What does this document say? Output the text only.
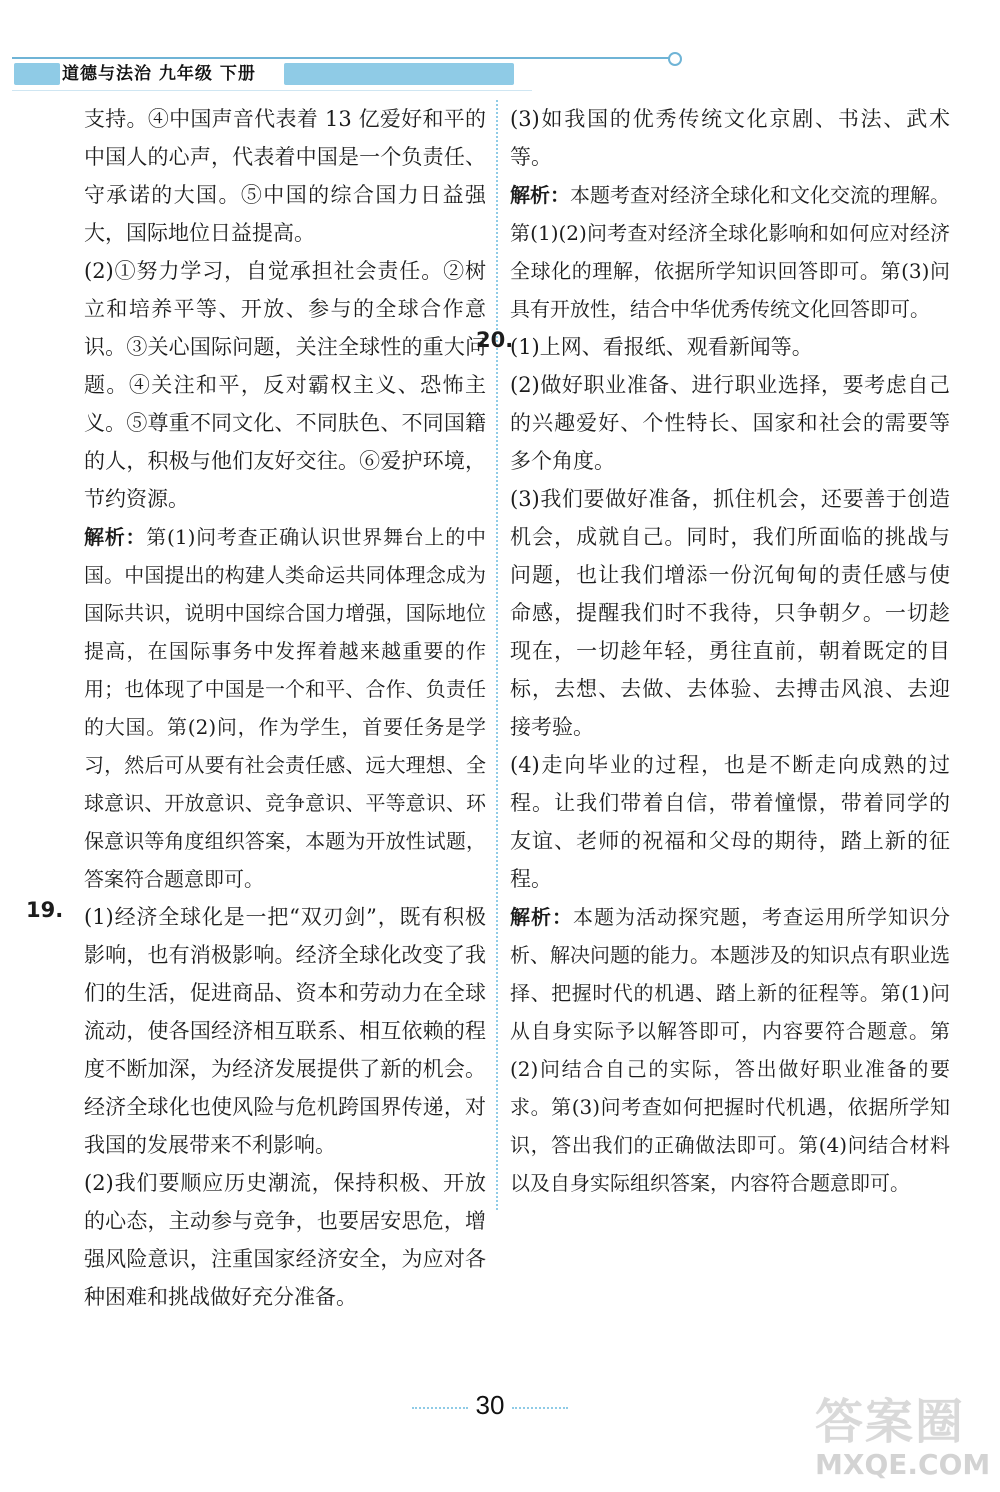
道德与法治 九年级 下册

支持。④中国声音代表着 13 亿爱好和平的中国人的心声，代表着中国是一个负责任、守承诺的大国。⑤中国的综合国力日益强大，国际地位日益提高。

(2)①努力学习，自觉承担社会责任。②树立和培养平等、开放、参与的全球合作意识。③关心国际问题，关注全球性的重大问题。④关注和平，反对霸权主义、恐怖主义。⑤尊重不同文化、不同肤色、不同国籍的人，积极与他们友好交往。⑥爱护环境，节约资源。

解析：第(1)问考查正确认识世界舞台上的中国。中国提出的构建人类命运共同体理念成为国际共识，说明中国综合国力增强，国际地位提高，在国际事务中发挥着越来越重要的作用；也体现了中国是一个和平、合作、负责任的大国。第(2)问，作为学生，首要任务是学习，然后可从要有社会责任感、远大理想、全球意识、开放意识、竞争意识、平等意识、环保意识等角度组织答案，本题为开放性试题，答案符合题意即可。

19. (1)经济全球化是一把“双刃剑”，既有积极影响，也有消极影响。经济全球化改变了我们的生活，促进商品、资本和劳动力在全球流动，使各国经济相互联系、相互依赖的程度不断加深，为经济发展提供了新的机会。经济全球化也使风险与危机跨国界传递，对我国的发展带来不利影响。

(2)我们要顺应历史潮流，保持积极、开放的心态，主动参与竞争，也要居安思危，增强风险意识，注重国家经济安全，为应对各种困难和挑战做好充分准备。

(3)如我国的优秀传统文化京剧、书法、武术等。

解析：本题考查对经济全球化和文化交流的理解。第(1)(2)问考查对经济全球化影响和如何应对经济全球化的理解，依据所学知识回答即可。第(3)问具有开放性，结合中华优秀传统文化回答即可。

20.

(1)上网、看报纸、观看新闻等。

(2)做好职业准备、进行职业选择，要考虑自己的兴趣爱好、个性特长、国家和社会的需要等多个角度。

(3)我们要做好准备，抓住机会，还要善于创造机会，成就自己。同时，我们所面临的挑战与问题，也让我们增添一份沉甸甸的责任感与使命感，提醒我们时不我待，只争朝夕。一切趁现在，一切趁年轻，勇往直前，朝着既定的目标，去想、去做、去体验、去搏击风浪、去迎接考验。

(4)走向毕业的过程，也是不断走向成熟的过程。让我们带着自信，带着憧憬，带着同学的友谊、老师的祝福和父母的期待，踏上新的征程。

解析：本题为活动探究题，考查运用所学知识分析、解决问题的能力。本题涉及的知识点有职业选择、把握时代的机遇、踏上新的征程等。第(1)问从自身实际予以解答即可，内容要符合题意。第(2)问结合自己的实际，答出做好职业准备的要求。第(3)问考查如何把握时代机遇，依据所学知识，答出我们的正确做法即可。第(4)问结合材料以及自身实际组织答案，内容符合题意即可。

30	答案圈
MXQE.COM
